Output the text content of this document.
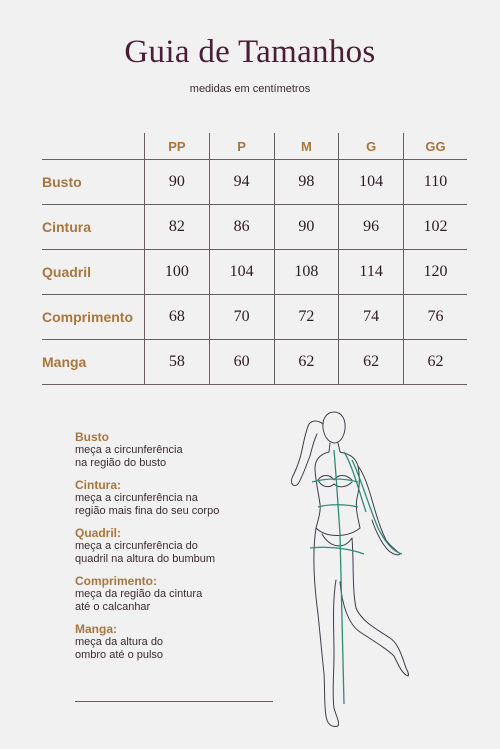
Guia de Tamanhos
medidas em centímetros
	PP	P	M	G	GG
Busto	90	94	98	104	110
Cintura	82	86	90	96	102
Quadril	100	104	108	114	120
Comprimento	68	70	72	74	76
Manga	58	60	62	62	62
Busto
meça a circunferência
na região do busto
Cintura:
meça a circunferência na
região mais fina do seu corpo
Quadril:
meça a circunferência do
quadril na altura do bumbum
Comprimento:
meça da região da cintura
até o calcanhar
Manga:
meça da altura do
ombro até o pulso
